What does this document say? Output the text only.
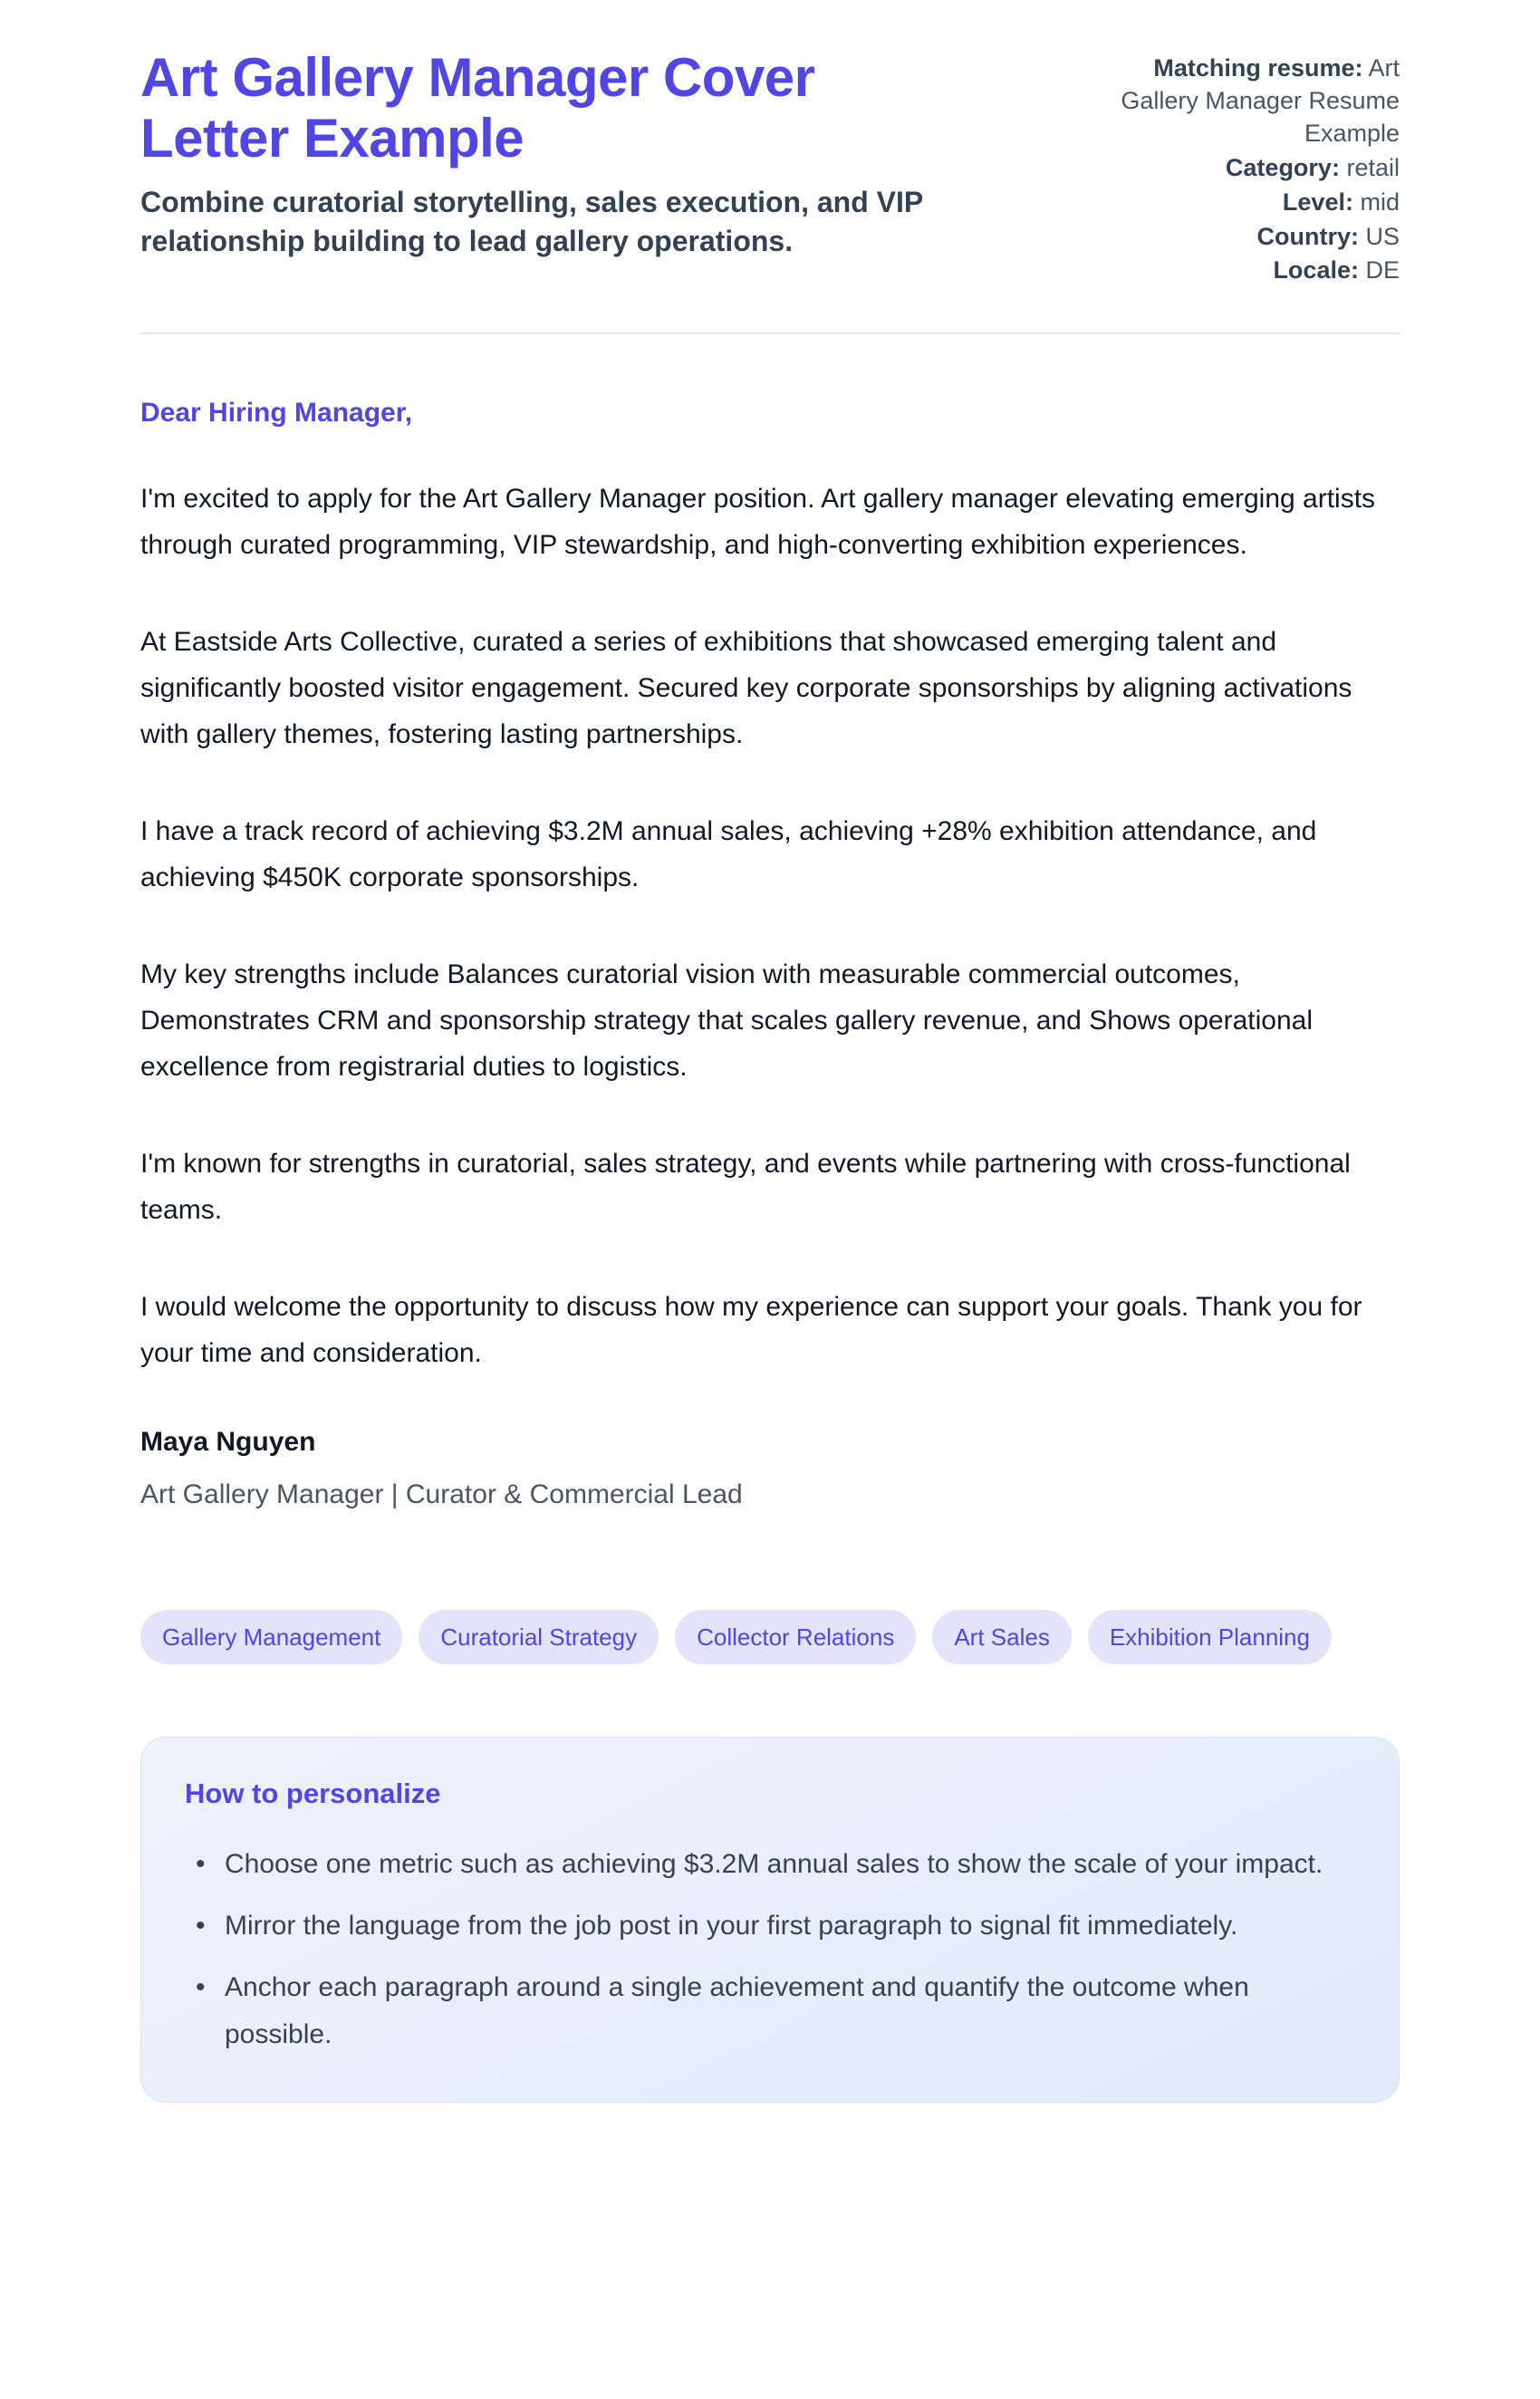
Art Gallery Manager Cover Letter Example
Combine curatorial storytelling, sales execution, and VIP relationship building to lead gallery operations.
Matching resume: Art Gallery Manager Resume Example
Category: retail
Level: mid
Country: US
Locale: DE
Dear Hiring Manager,

I'm excited to apply for the Art Gallery Manager position. Art gallery manager elevating emerging artists through curated programming, VIP stewardship, and high-converting exhibition experiences.

At Eastside Arts Collective, curated a series of exhibitions that showcased emerging talent and significantly boosted visitor engagement. Secured key corporate sponsorships by aligning activations with gallery themes, fostering lasting partnerships.

I have a track record of achieving $3.2M annual sales, achieving +28% exhibition attendance, and achieving $450K corporate sponsorships.

My key strengths include Balances curatorial vision with measurable commercial outcomes, Demonstrates CRM and sponsorship strategy that scales gallery revenue, and Shows operational excellence from registrarial duties to logistics.

I'm known for strengths in curatorial, sales strategy, and events while partnering with cross-functional teams.

I would welcome the opportunity to discuss how my experience can support your goals. Thank you for your time and consideration.

Maya Nguyen
Art Gallery Manager | Curator & Commercial Lead
Gallery Management	Curatorial Strategy	Collector Relations	Art Sales	Exhibition Planning
How to personalize
• Choose one metric such as achieving $3.2M annual sales to show the scale of your impact.
• Mirror the language from the job post in your first paragraph to signal fit immediately.
• Anchor each paragraph around a single achievement and quantify the outcome when possible.
